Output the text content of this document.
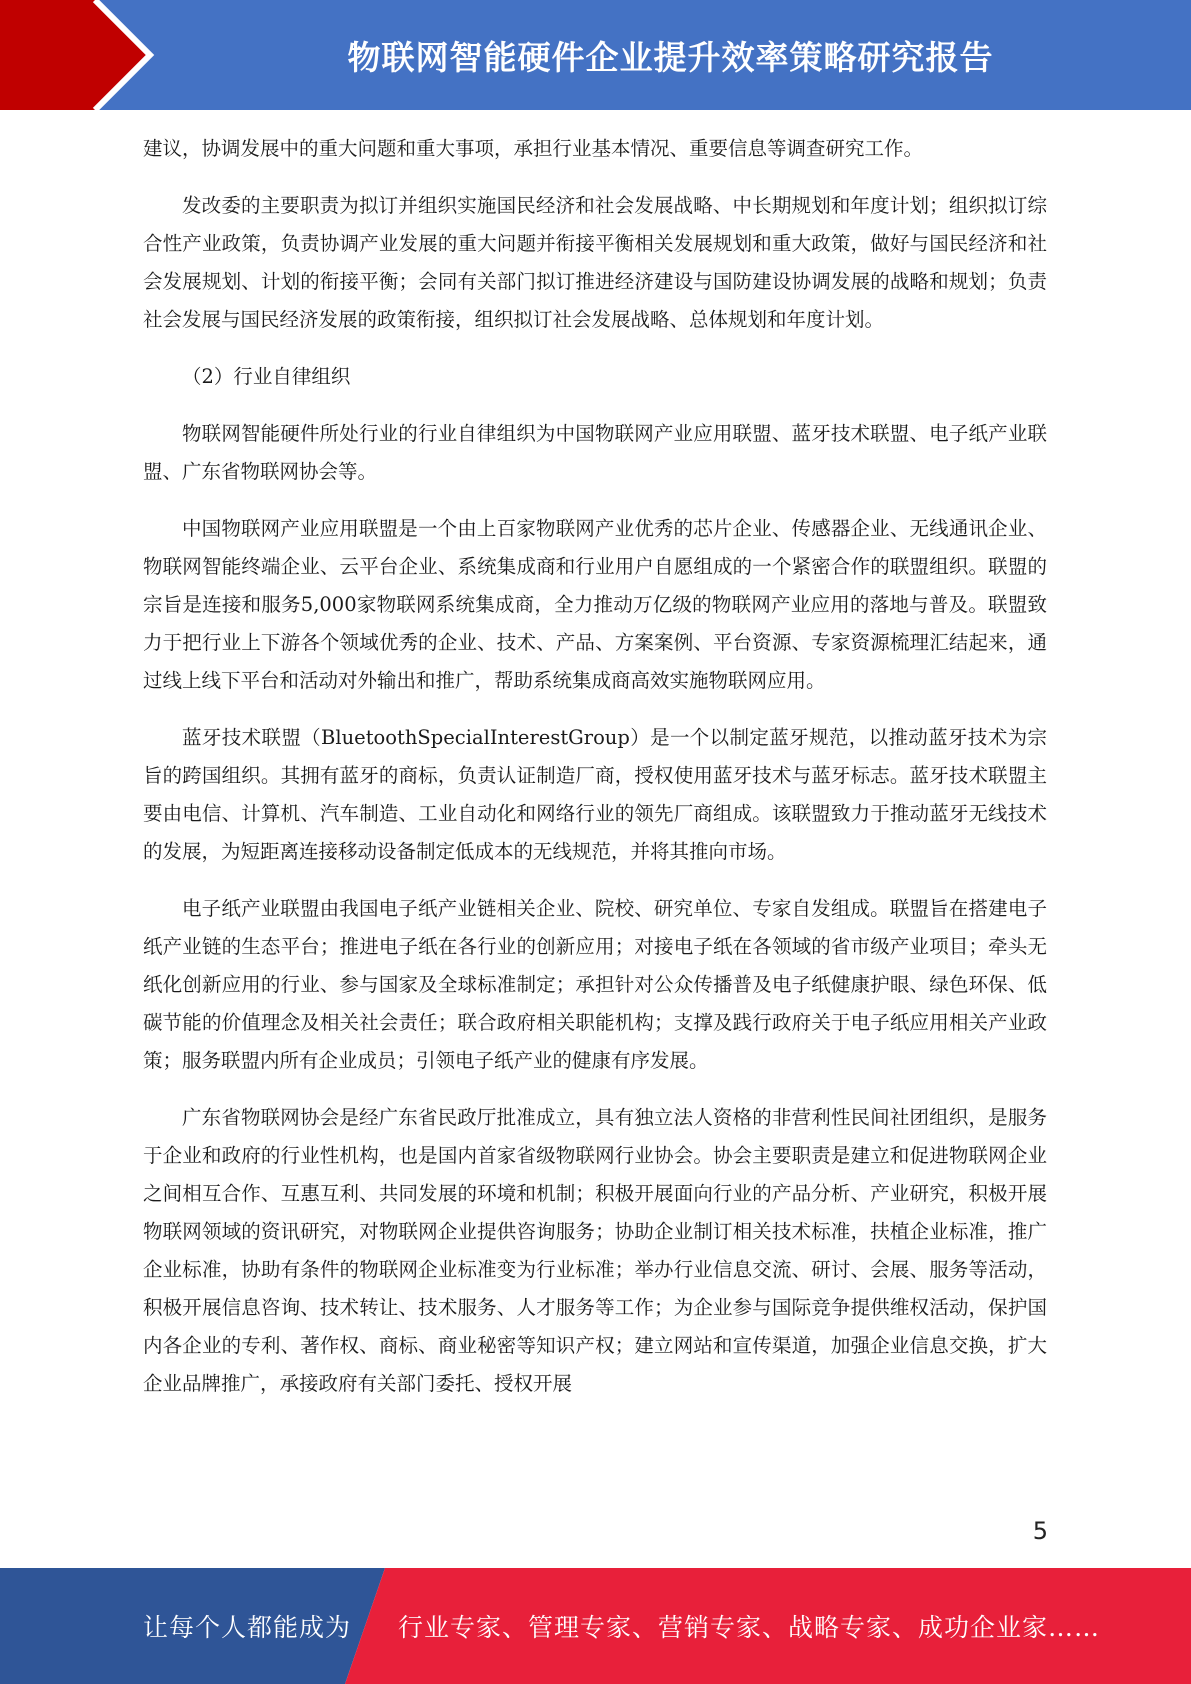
物联网智能硬件企业提升效率策略研究报告

建议，协调发展中的重大问题和重大事项，承担行业基本情况、重要信息等调查研究工作。

发改委的主要职责为拟订并组织实施国民经济和社会发展战略、中长期规划和年度计划；组织拟订综合性产业政策，负责协调产业发展的重大问题并衔接平衡相关发展规划和重大政策，做好与国民经济和社会发展规划、计划的衔接平衡；会同有关部门拟订推进经济建设与国防建设协调发展的战略和规划；负责社会发展与国民经济发展的政策衔接，组织拟订社会发展战略、总体规划和年度计划。

（2）行业自律组织

物联网智能硬件所处行业的行业自律组织为中国物联网产业应用联盟、蓝牙技术联盟、电子纸产业联盟、广东省物联网协会等。

中国物联网产业应用联盟是一个由上百家物联网产业优秀的芯片企业、传感器企业、无线通讯企业、物联网智能终端企业、云平台企业、系统集成商和行业用户自愿组成的一个紧密合作的联盟组织。联盟的宗旨是连接和服务5,000家物联网系统集成商，全力推动万亿级的物联网产业应用的落地与普及。联盟致力于把行业上下游各个领域优秀的企业、技术、产品、方案案例、平台资源、专家资源梳理汇结起来，通过线上线下平台和活动对外输出和推广，帮助系统集成商高效实施物联网应用。

蓝牙技术联盟（BluetoothSpecialInterestGroup）是一个以制定蓝牙规范，以推动蓝牙技术为宗旨的跨国组织。其拥有蓝牙的商标，负责认证制造厂商，授权使用蓝牙技术与蓝牙标志。蓝牙技术联盟主要由电信、计算机、汽车制造、工业自动化和网络行业的领先厂商组成。该联盟致力于推动蓝牙无线技术的发展，为短距离连接移动设备制定低成本的无线规范，并将其推向市场。

电子纸产业联盟由我国电子纸产业链相关企业、院校、研究单位、专家自发组成。联盟旨在搭建电子纸产业链的生态平台；推进电子纸在各行业的创新应用；对接电子纸在各领域的省市级产业项目；牵头无纸化创新应用的行业、参与国家及全球标准制定；承担针对公众传播普及电子纸健康护眼、绿色环保、低碳节能的价值理念及相关社会责任；联合政府相关职能机构；支撑及践行政府关于电子纸应用相关产业政策；服务联盟内所有企业成员；引领电子纸产业的健康有序发展。

广东省物联网协会是经广东省民政厅批准成立，具有独立法人资格的非营利性民间社团组织，是服务于企业和政府的行业性机构，也是国内首家省级物联网行业协会。协会主要职责是建立和促进物联网企业之间相互合作、互惠互利、共同发展的环境和机制；积极开展面向行业的产品分析、产业研究，积极开展物联网领域的资讯研究，对物联网企业提供咨询服务；协助企业制订相关技术标准，扶植企业标准，推广企业标准，协助有条件的物联网企业标准变为行业标准；举办行业信息交流、研讨、会展、服务等活动，积极开展信息咨询、技术转让、技术服务、人才服务等工作；为企业参与国际竞争提供维权活动，保护国内各企业的专利、著作权、商标、商业秘密等知识产权；建立网站和宣传渠道，加强企业信息交换，扩大企业品牌推广，承接政府有关部门委托、授权开展

5
让每个人都能成为 行业专家、管理专家、营销专家、战略专家、成功企业家……
